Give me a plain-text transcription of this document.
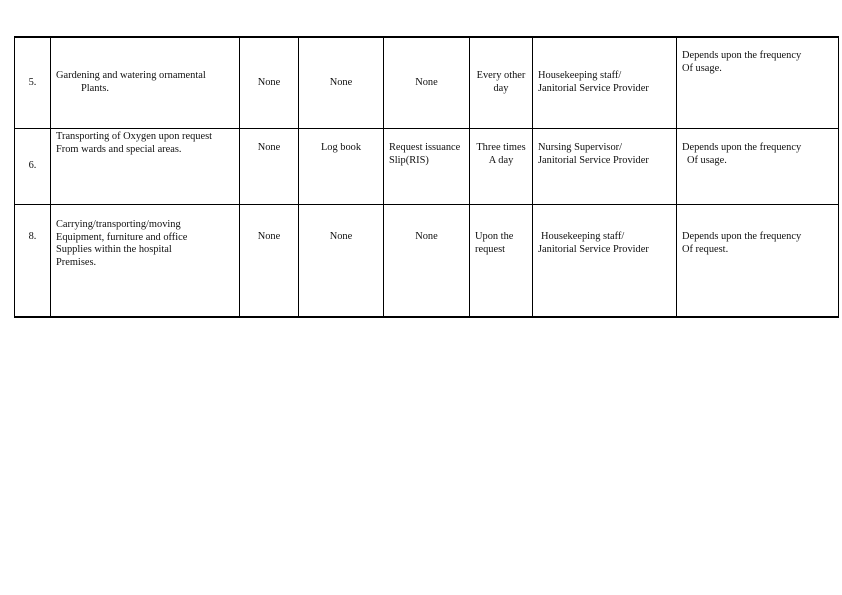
5.	Gardening and watering ornamental
Plants.	None	None	None	Every other
day	Housekeeping staff/
Janitorial Service Provider	Depends upon the frequency
Of usage.

6.	Transporting of Oxygen upon request
From wards and special areas.	None	Log book	Request issuance
Slip(RIS)	Three times
A day	Nursing Supervisor/
Janitorial Service Provider	Depends upon the frequency
Of usage.

8.	Carrying/transporting/moving
Equipment, furniture and office
Supplies within the hospital
Premises.	None	None	None	Upon the
request	Housekeeping staff/
Janitorial Service Provider	Depends upon the frequency
Of request.
